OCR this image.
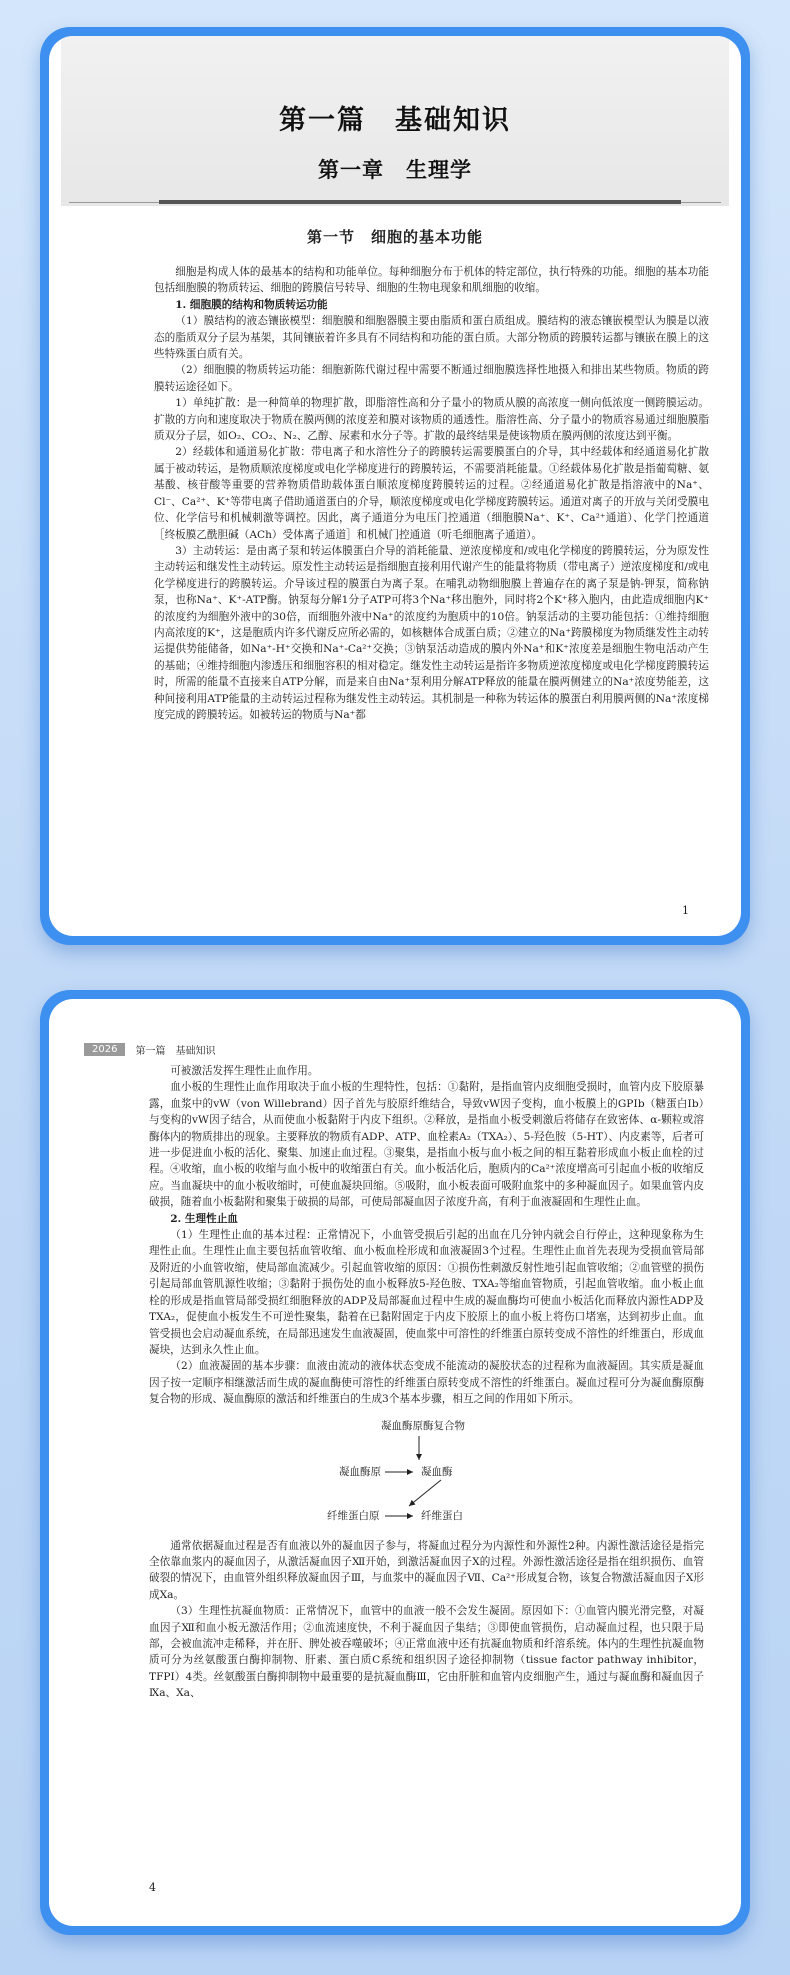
第一篇　基础知识
第一章　生理学
第一节　细胞的基本功能

细胞是构成人体的最基本的结构和功能单位。每种细胞分布于机体的特定部位，执行特殊的功能。细胞的基本功能包括细胞膜的物质转运、细胞的跨膜信号转导、细胞的生物电现象和肌细胞的收缩。

1. 细胞膜的结构和物质转运功能

（1）膜结构的液态镶嵌模型：细胞膜和细胞器膜主要由脂质和蛋白质组成。膜结构的液态镶嵌模型认为膜是以液态的脂质双分子层为基架，其间镶嵌着许多具有不同结构和功能的蛋白质。大部分物质的跨膜转运都与镶嵌在膜上的这些特殊蛋白质有关。

（2）细胞膜的物质转运功能：细胞新陈代谢过程中需要不断通过细胞膜选择性地摄入和排出某些物质。物质的跨膜转运途径如下。

1）单纯扩散：是一种简单的物理扩散，即脂溶性高和分子量小的物质从膜的高浓度一侧向低浓度一侧跨膜运动。扩散的方向和速度取决于物质在膜两侧的浓度差和膜对该物质的通透性。脂溶性高、分子量小的物质容易通过细胞膜脂质双分子层，如O₂、CO₂、N₂、乙醇、尿素和水分子等。扩散的最终结果是使该物质在膜两侧的浓度达到平衡。

2）经载体和通道易化扩散：带电离子和水溶性分子的跨膜转运需要膜蛋白的介导，其中经载体和经通道易化扩散属于被动转运，是物质顺浓度梯度或电化学梯度进行的跨膜转运，不需要消耗能量。①经载体易化扩散是指葡萄糖、氨基酸、核苷酸等重要的营养物质借助载体蛋白顺浓度梯度跨膜转运的过程。②经通道易化扩散是指溶液中的Na⁺、Cl⁻、Ca²⁺、K⁺等带电离子借助通道蛋白的介导，顺浓度梯度或电化学梯度跨膜转运。通道对离子的开放与关闭受膜电位、化学信号和机械刺激等调控。因此，离子通道分为电压门控通道（细胞膜Na⁺、K⁺、Ca²⁺通道）、化学门控通道［终板膜乙酰胆碱（ACh）受体离子通道］和机械门控通道（听毛细胞离子通道）。

3）主动转运：是由离子泵和转运体膜蛋白介导的消耗能量、逆浓度梯度和/或电化学梯度的跨膜转运，分为原发性主动转运和继发性主动转运。原发性主动转运是指细胞直接利用代谢产生的能量将物质（带电离子）逆浓度梯度和/或电化学梯度进行的跨膜转运。介导该过程的膜蛋白为离子泵。在哺乳动物细胞膜上普遍存在的离子泵是钠-钾泵，简称钠泵，也称Na⁺、K⁺-ATP酶。钠泵每分解1分子ATP可将3个Na⁺移出胞外，同时将2个K⁺移入胞内，由此造成细胞内K⁺的浓度约为细胞外液中的30倍，而细胞外液中Na⁺的浓度约为胞质中的10倍。钠泵活动的主要功能包括：①维持细胞内高浓度的K⁺，这是胞质内许多代谢反应所必需的，如核糖体合成蛋白质；②建立的Na⁺跨膜梯度为物质继发性主动转运提供势能储备，如Na⁺-H⁺交换和Na⁺-Ca²⁺交换；③钠泵活动造成的膜内外Na⁺和K⁺浓度差是细胞生物电活动产生的基础；④维持细胞内渗透压和细胞容积的相对稳定。继发性主动转运是指许多物质逆浓度梯度或电化学梯度跨膜转运时，所需的能量不直接来自ATP分解，而是来自由Na⁺泵利用分解ATP释放的能量在膜两侧建立的Na⁺浓度势能差，这种间接利用ATP能量的主动转运过程称为继发性主动转运。其机制是一种称为转运体的膜蛋白利用膜两侧的Na⁺浓度梯度完成的跨膜转运。如被转运的物质与Na⁺都

1
2026	第一篇　基础知识

可被激活发挥生理性止血作用。

血小板的生理性止血作用取决于血小板的生理特性，包括：①黏附，是指血管内皮细胞受损时，血管内皮下胶原暴露，血浆中的vW（von Willebrand）因子首先与胶原纤维结合，导致vW因子变构，血小板膜上的GPⅠb（糖蛋白Ⅰb）与变构的vW因子结合，从而使血小板黏附于内皮下组织。②释放，是指血小板受刺激后将储存在致密体、α-颗粒或溶酶体内的物质排出的现象。主要释放的物质有ADP、ATP、血栓素A₂（TXA₂）、5-羟色胺（5-HT）、内皮素等，后者可进一步促进血小板的活化、聚集、加速止血过程。③聚集，是指血小板与血小板之间的相互黏着形成血小板止血栓的过程。④收缩，血小板的收缩与血小板中的收缩蛋白有关。血小板活化后，胞质内的Ca²⁺浓度增高可引起血小板的收缩反应。当血凝块中的血小板收缩时，可使血凝块回缩。⑤吸附，血小板表面可吸附血浆中的多种凝血因子。如果血管内皮破损，随着血小板黏附和聚集于破损的局部，可使局部凝血因子浓度升高，有利于血液凝固和生理性止血。

2. 生理性止血

（1）生理性止血的基本过程：正常情况下，小血管受损后引起的出血在几分钟内就会自行停止，这种现象称为生理性止血。生理性止血主要包括血管收缩、血小板血栓形成和血液凝固3个过程。生理性止血首先表现为受损血管局部及附近的小血管收缩，使局部血流减少。引起血管收缩的原因：①损伤性刺激反射性地引起血管收缩；②血管壁的损伤引起局部血管肌源性收缩；③黏附于损伤处的血小板释放5-羟色胺、TXA₂等缩血管物质，引起血管收缩。血小板止血栓的形成是指血管局部受损红细胞释放的ADP及局部凝血过程中生成的凝血酶均可使血小板活化而释放内源性ADP及TXA₂，促使血小板发生不可逆性聚集，黏着在已黏附固定于内皮下胶原上的血小板上将伤口堵塞，达到初步止血。血管受损也会启动凝血系统，在局部迅速发生血液凝固，使血浆中可溶性的纤维蛋白原转变成不溶性的纤维蛋白，形成血凝块，达到永久性止血。

（2）血液凝固的基本步骤：血液由流动的液体状态变成不能流动的凝胶状态的过程称为血液凝固。其实质是凝血因子按一定顺序相继激活而生成的凝血酶使可溶性的纤维蛋白原转变成不溶性的纤维蛋白。凝血过程可分为凝血酶原酶复合物的形成、凝血酶原的激活和纤维蛋白的生成3个基本步骤，相互之间的作用如下所示。

凝血酶原酶复合物
凝血酶原	凝血酶
纤维蛋白原	纤维蛋白

通常依据凝血过程是否有血液以外的凝血因子参与，将凝血过程分为内源性和外源性2种。内源性激活途径是指完全依靠血浆内的凝血因子，从激活凝血因子Ⅻ开始，到激活凝血因子Ⅹ的过程。外源性激活途径是指在组织损伤、血管破裂的情况下，由血管外组织释放凝血因子Ⅲ，与血浆中的凝血因子Ⅶ、Ca²⁺形成复合物，该复合物激活凝血因子Ⅹ形成Ⅹa。

（3）生理性抗凝血物质：正常情况下，血管中的血液一般不会发生凝固。原因如下：①血管内膜光滑完整，对凝血因子Ⅻ和血小板无激活作用；②血流速度快，不利于凝血因子集结；③即使血管损伤，启动凝血过程，也只限于局部，会被血流冲走稀释，并在肝、脾处被吞噬破坏；④正常血液中还有抗凝血物质和纤溶系统。体内的生理性抗凝血物质可分为丝氨酸蛋白酶抑制物、肝素、蛋白质C系统和组织因子途径抑制物（tissue factor pathway inhibitor，TFPI）4类。丝氨酸蛋白酶抑制物中最重要的是抗凝血酶Ⅲ，它由肝脏和血管内皮细胞产生，通过与凝血酶和凝血因子Ⅸa、Ⅹa、

4
